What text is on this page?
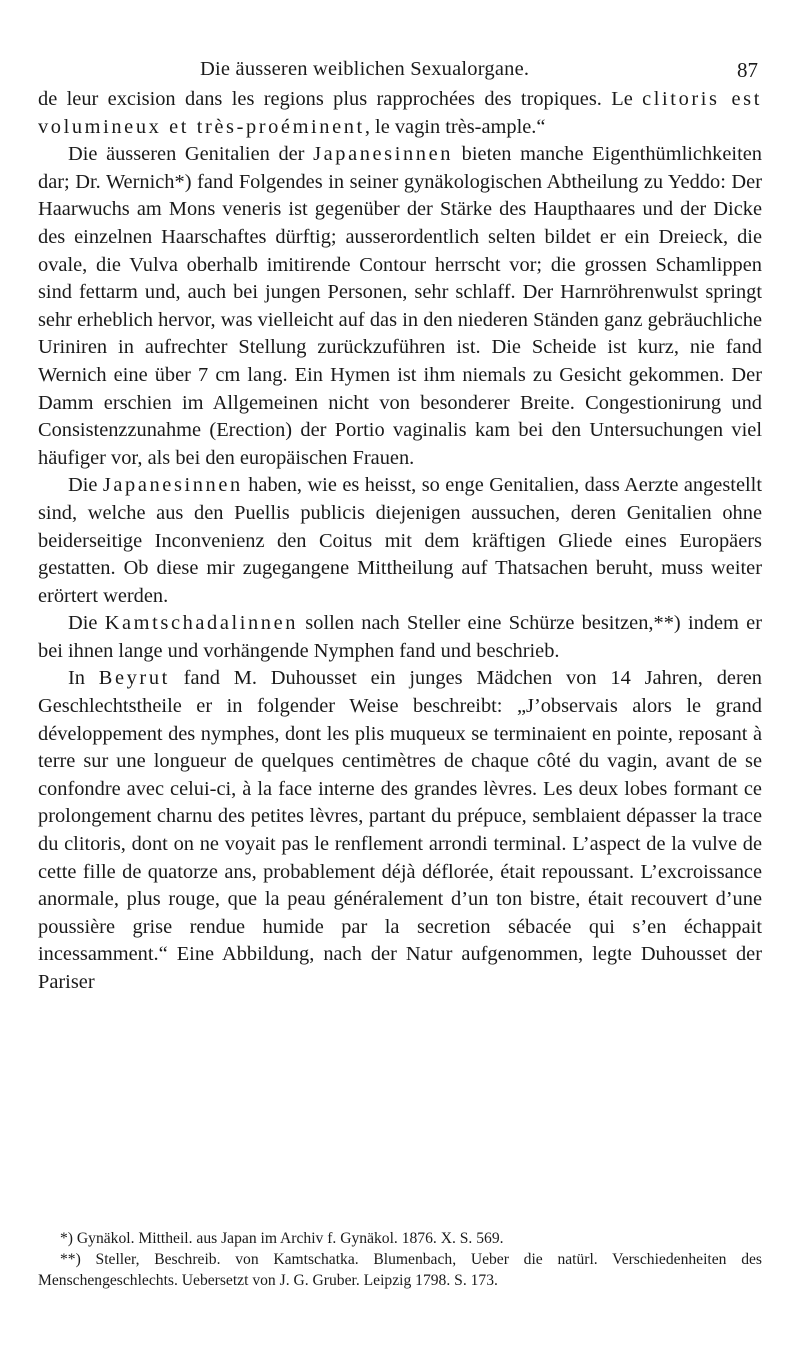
Die äusseren weiblichen Sexualorgane.	87

de leur excision dans les regions plus rapprochées des tropiques. Le clitoris est volumineux et très-proéminent, le vagin très-ample.“

Die äusseren Genitalien der Japanesinnen bieten manche Eigenthümlichkeiten dar; Dr. Wernich*) fand Folgendes in seiner gynäkologischen Abtheilung zu Yeddo: Der Haarwuchs am Mons veneris ist gegenüber der Stärke des Haupthaares und der Dicke des einzelnen Haarschaftes dürftig; ausserordentlich selten bildet er ein Dreieck, die ovale, die Vulva oberhalb imitirende Contour herrscht vor; die grossen Schamlippen sind fettarm und, auch bei jungen Personen, sehr schlaff. Der Harnröhrenwulst springt sehr erheblich hervor, was vielleicht auf das in den niederen Ständen ganz gebräuchliche Uriniren in aufrechter Stellung zurückzuführen ist. Die Scheide ist kurz, nie fand Wernich eine über 7 cm lang. Ein Hymen ist ihm niemals zu Gesicht gekommen. Der Damm erschien im Allgemeinen nicht von besonderer Breite. Congestionirung und Consistenzzunahme (Erection) der Portio vaginalis kam bei den Untersuchungen viel häufiger vor, als bei den europäischen Frauen.

Die Japanesinnen haben, wie es heisst, so enge Genitalien, dass Aerzte angestellt sind, welche aus den Puellis publicis diejenigen aussuchen, deren Genitalien ohne beiderseitige Inconvenienz den Coitus mit dem kräftigen Gliede eines Europäers gestatten. Ob diese mir zugegangene Mittheilung auf Thatsachen beruht, muss weiter erörtert werden.

Die Kamtschadalinnen sollen nach Steller eine Schürze besitzen,**) indem er bei ihnen lange und vorhängende Nymphen fand und beschrieb.

In Beyrut fand M. Duhousset ein junges Mädchen von 14 Jahren, deren Geschlechtstheile er in folgender Weise beschreibt: „J’observais alors le grand développement des nymphes, dont les plis muqueux se terminaient en pointe, reposant à terre sur une longueur de quelques centimètres de chaque côté du vagin, avant de se confondre avec celui-ci, à la face interne des grandes lèvres. Les deux lobes formant ce prolongement charnu des petites lèvres, partant du prépuce, semblaient dépasser la trace du clitoris, dont on ne voyait pas le renflement arrondi terminal. L’aspect de la vulve de cette fille de quatorze ans, probablement déjà déflorée, était repoussant. L’excroissance anormale, plus rouge, que la peau généralement d’un ton bistre, était recouvert d’une poussière grise rendue humide par la secretion sébacée qui s’en échappait incessamment.“ Eine Abbildung, nach der Natur aufgenommen, legte Duhousset der Pariser

*) Gynäkol. Mittheil. aus Japan im Archiv f. Gynäkol. 1876. X. S. 569.

**) Steller, Beschreib. von Kamtschatka. Blumenbach, Ueber die natürl. Verschiedenheiten des Menschengeschlechts. Uebersetzt von J. G. Gruber. Leipzig 1798. S. 173.
